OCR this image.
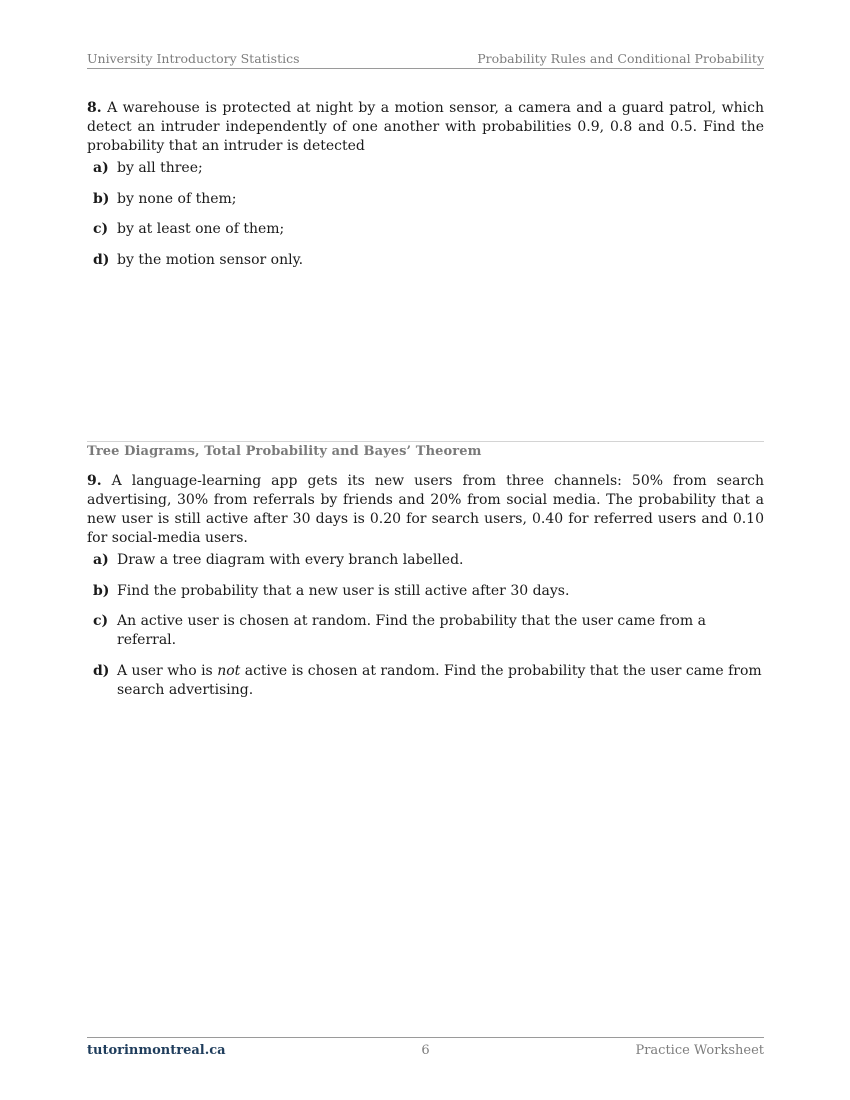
University Introductory Statistics	Probability Rules and Conditional Probability
8. A warehouse is protected at night by a motion sensor, a camera and a guard patrol, which detect an intruder independently of one another with probabilities 0.9, 0.8 and 0.5. Find the probability that an intruder is detected
a) by all three;
b) by none of them;
c) by at least one of them;
d) by the motion sensor only.
Tree Diagrams, Total Probability and Bayes’ Theorem
9. A language-learning app gets its new users from three channels: 50% from search advertising, 30% from referrals by friends and 20% from social media. The probability that a new user is still active after 30 days is 0.20 for search users, 0.40 for referred users and 0.10 for social-media users.
a) Draw a tree diagram with every branch labelled.
b) Find the probability that a new user is still active after 30 days.
c) An active user is chosen at random. Find the probability that the user came from a referral.
d) A user who is not active is chosen at random. Find the probability that the user came from search advertising.
tutorinmontreal.ca	6	Practice Worksheet
